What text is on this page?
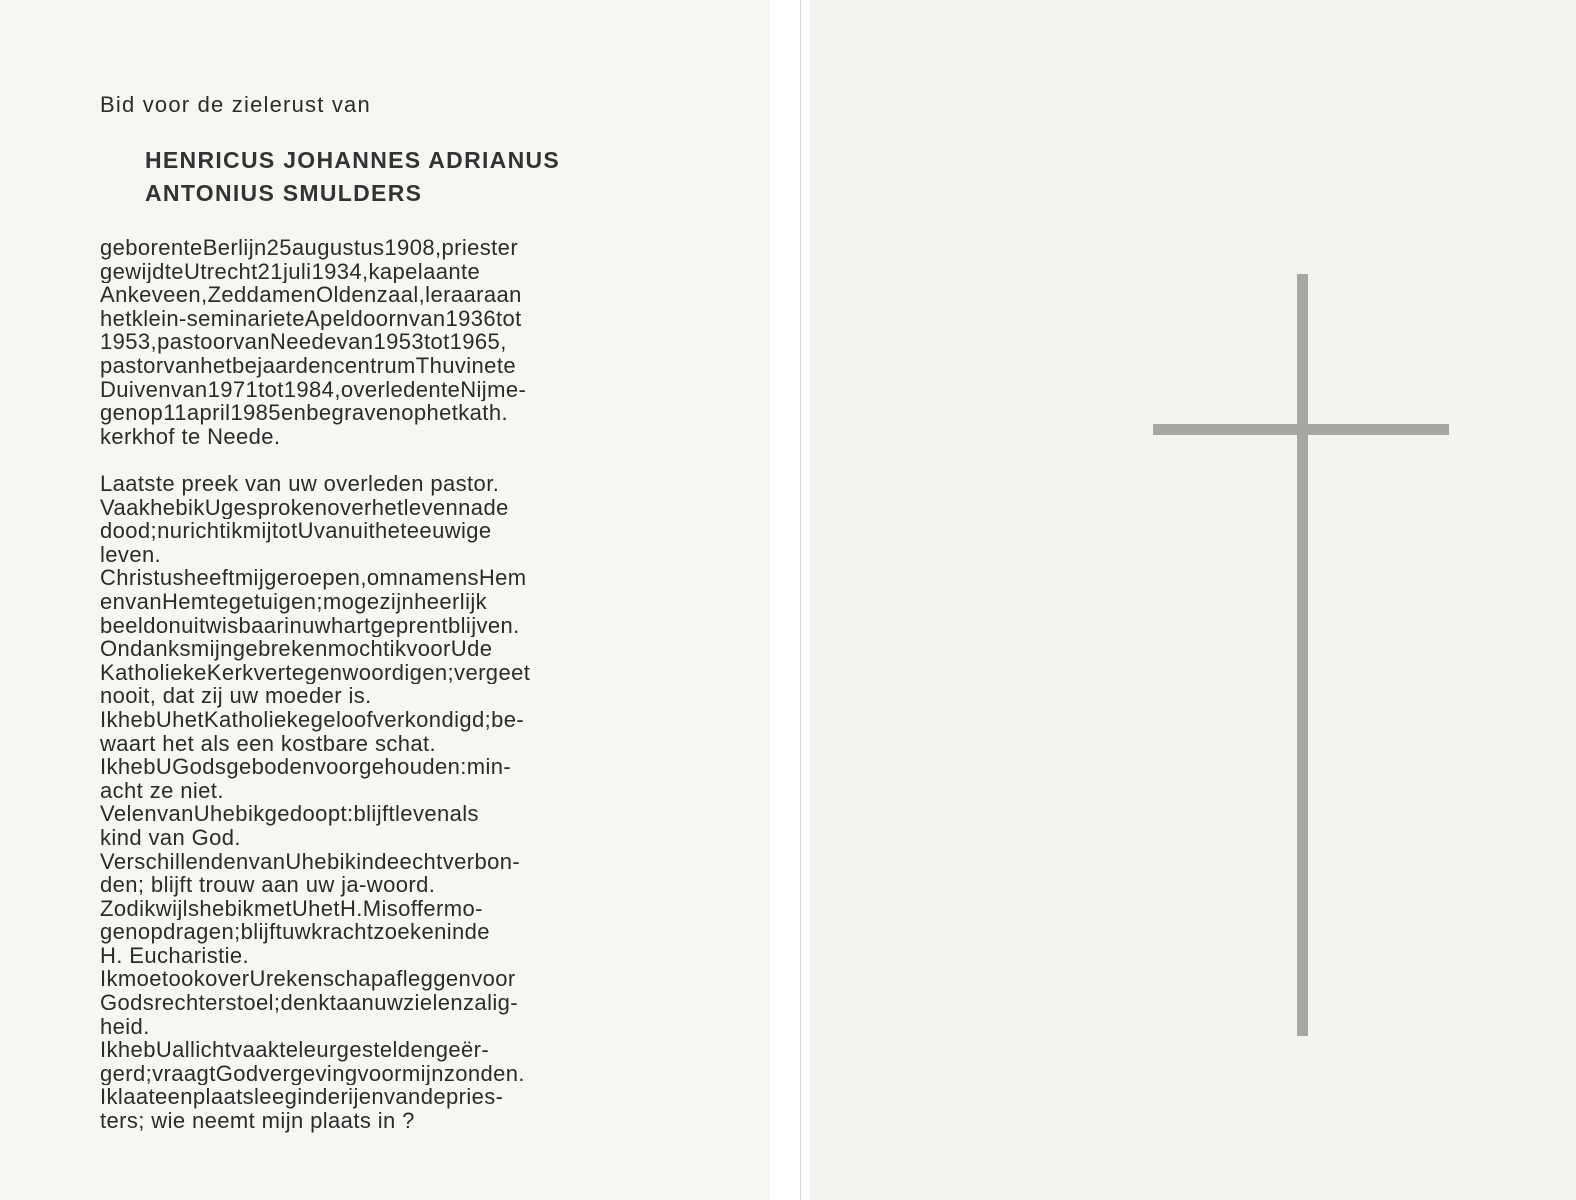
Bid voor de zielerust van
HENRICUS JOHANNES ADRIANUS
ANTONIUS SMULDERS
geborenteBerlijn25augustus1908,priester
gewijdteUtrecht21juli1934,kapelaante
Ankeveen,ZeddamenOldenzaal,leraaraan
hetklein-seminarieteApeldoornvan1936tot
1953,pastoorvanNeedevan1953tot1965,
pastorvanhetbejaardencentrumThuvinete
Duivenvan1971tot1984,overledenteNijme-
genop11april1985enbegravenophetkath.
kerkhof te Neede.
Laatste preek van uw overleden pastor.
VaakhebikUgesprokenoverhetlevennade
dood;nurichtikmijtotUvanuitheteeuwige
leven.
Christusheeftmijgeroepen,omnamensHem
envanHemtegetuigen;mogezijnheerlijk
beeldonuitwisbaarinuwhartgeprentblijven.
OndanksmijngebrekenmochtikvoorUde
KatholiekeKerkvertegenwoordigen;vergeet
nooit, dat zij uw moeder is.
IkhebUhetKatholiekegeloofverkondigd;be-
waart het als een kostbare schat.
IkhebUGodsgebodenvoorgehouden:min-
acht ze niet.
VelenvanUhebikgedoopt:blijftlevenals
kind van God.
VerschillendenvanUhebikindeechtverbon-
den; blijft trouw aan uw ja-woord.
ZodikwijlshebikmetUhetH.Misoffermo-
genopdragen;blijftuwkrachtzoekeninde
H. Eucharistie.
IkmoetookoverUrekenschapafleggenvoor
Godsrechterstoel;denktaanuwzielenzalig-
heid.
IkhebUallichtvaakteleurgesteldengeër-
gerd;vraagtGodvergevingvoormijnzonden.
Iklaateenplaatsleeginderijenvandepries-
ters; wie neemt mijn plaats in ?
